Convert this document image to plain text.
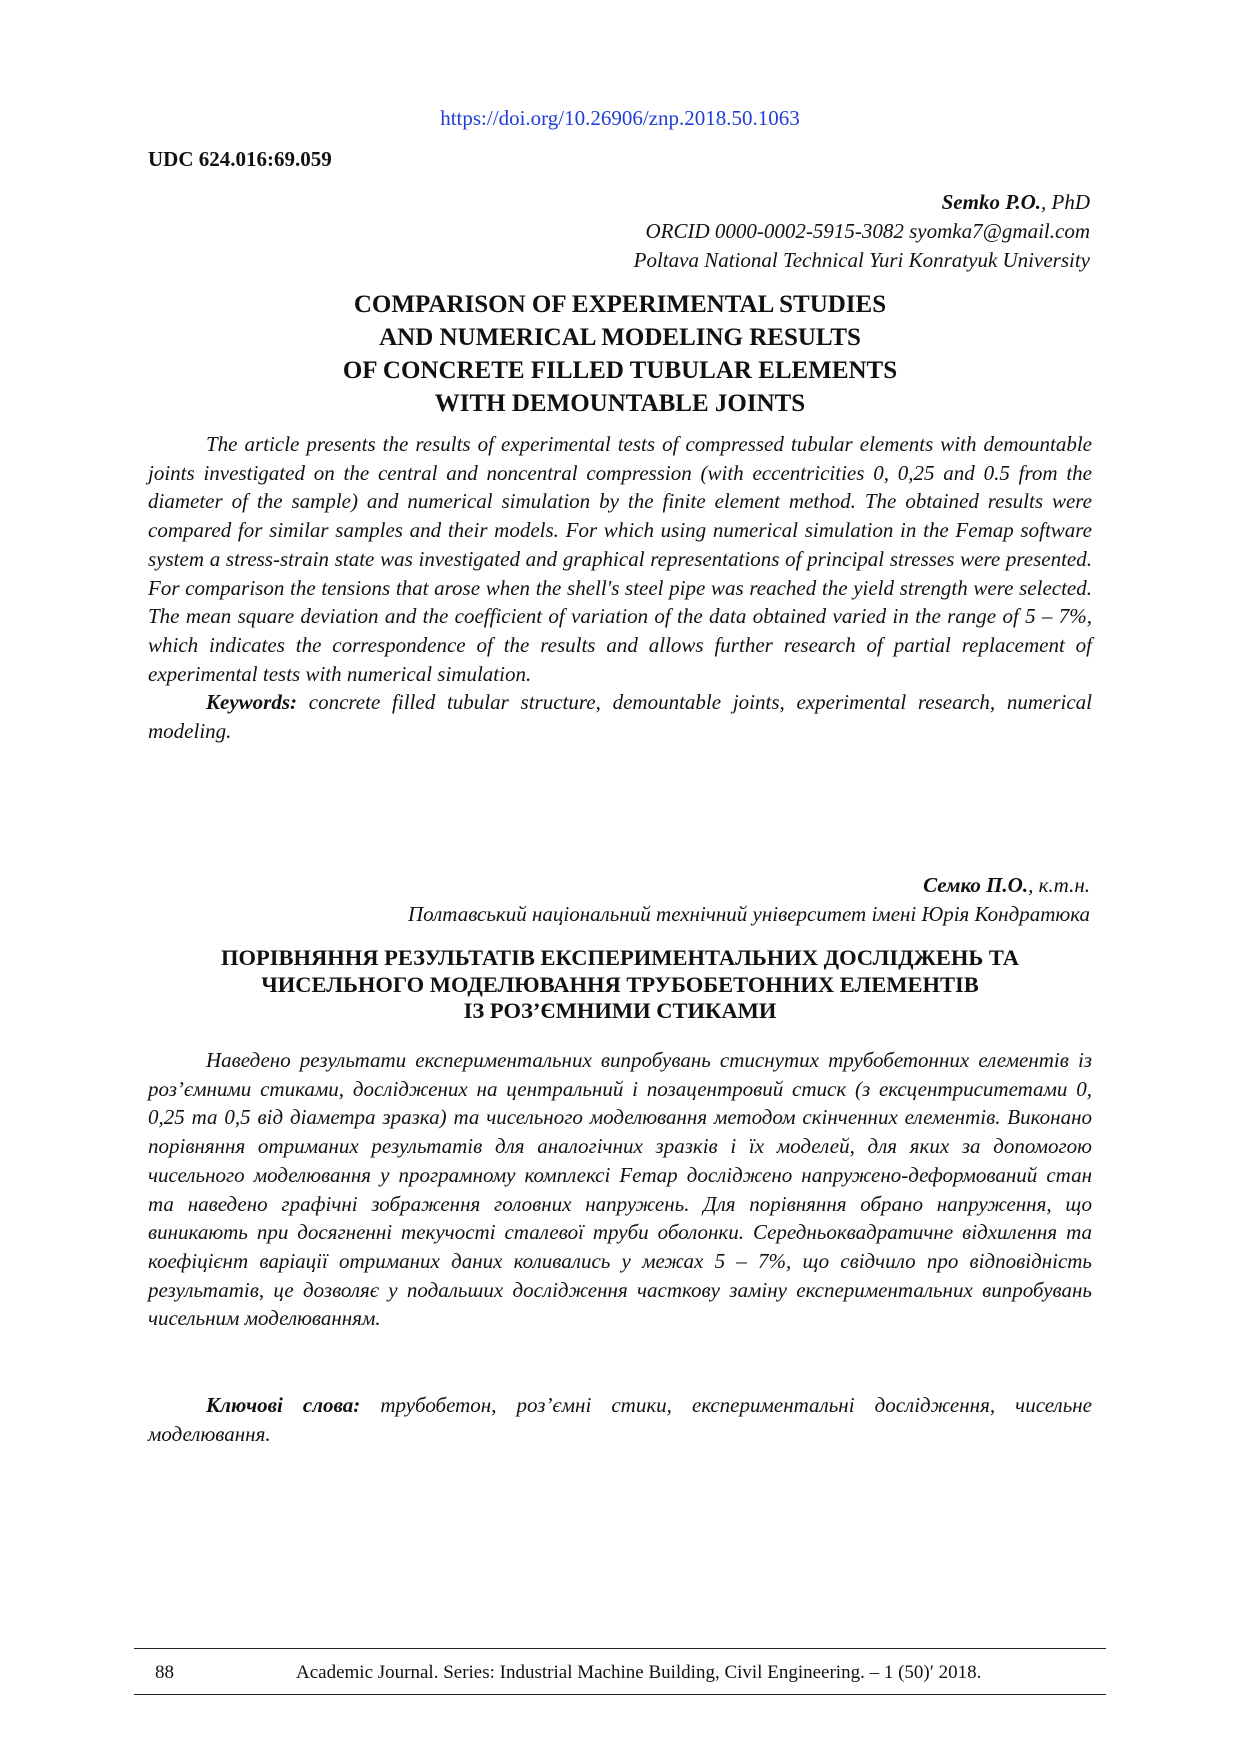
https://doi.org/10.26906/znp.2018.50.1063
UDC 624.016:69.059
Semko P.O., PhD
ORCID 0000-0002-5915-3082 syomka7@gmail.com
Poltava National Technical Yuri Konratyuk University
COMPARISON OF EXPERIMENTAL STUDIES
AND NUMERICAL MODELING RESULTS
OF CONCRETE FILLED TUBULAR ELEMENTS
WITH DEMOUNTABLE JOINTS

The article presents the results of experimental tests of compressed tubular elements with demountable joints investigated on the central and noncentral compression (with eccentricities 0, 0,25 and 0.5 from the diameter of the sample) and numerical simulation by the finite element method. The obtained results were compared for similar samples and their models. For which using numerical simulation in the Femap software system a stress-strain state was investigated and graphical representations of principal stresses were presented. For comparison the tensions that arose when the shell's steel pipe was reached the yield strength were selected. The mean square deviation and the coefficient of variation of the data obtained varied in the range of 5 – 7%, which indicates the correspondence of the results and allows further research of partial replacement of experimental tests with numerical simulation.

Keywords: concrete filled tubular structure, demountable joints, experimental research, numerical modeling.

Семко П.О., к.т.н.
Полтавський національний технічний університет імені Юрія Кондратюка
ПОРІВНЯННЯ РЕЗУЛЬТАТІВ ЕКСПЕРИМЕНТАЛЬНИХ ДОСЛІДЖЕНЬ ТА
ЧИСЕЛЬНОГО МОДЕЛЮВАННЯ ТРУБОБЕТОННИХ ЕЛЕМЕНТІВ
ІЗ РОЗ’ЄМНИМИ СТИКАМИ

Наведено результати експериментальних випробувань стиснутих трубобетонних елементів із роз’ємними стиками, досліджених на центральний і позацентровий стиск (з ексцентриситетами 0, 0,25 та 0,5 від діаметра зразка) та чисельного моделювання методом скінченних елементів. Виконано порівняння отриманих результатів для аналогічних зразків і їх моделей, для яких за допомогою чисельного моделювання у програмному комплексі Femap досліджено напружено-деформований стан та наведено графічні зображення головних напружень. Для порівняння обрано напруження, що виникають при досягненні текучості сталевої труби оболонки. Середньоквадратичне відхилення та коефіцієнт варіації отриманих даних коливались у межах 5 – 7%, що свідчило про відповідність результатів, це дозволяє у подальших дослідження часткову заміну експериментальних випробувань чисельним моделюванням.

Ключові слова: трубобетон, роз’ємні стики, експериментальні дослідження, чисельне моделювання.

88	Academic Journal. Series: Industrial Machine Building, Civil Engineering. – 1 (50)′ 2018.
